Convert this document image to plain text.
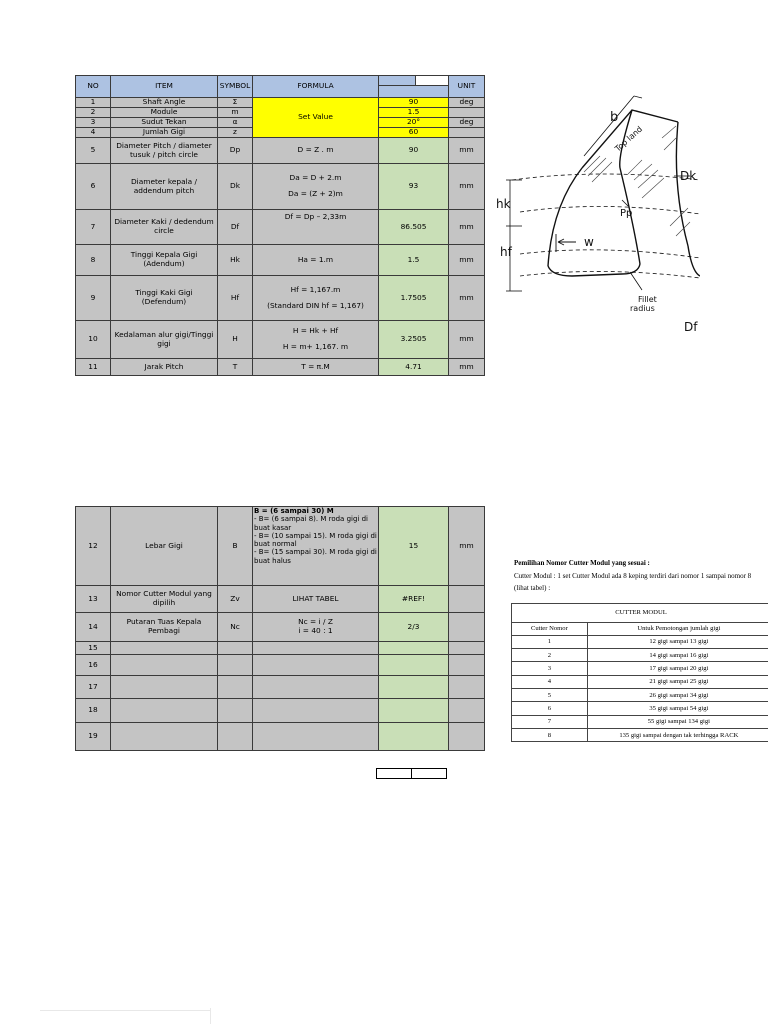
NO	ITEM	SYMBOL	FORMULA		UNIT
1	Shaft Angle	Σ	Set Value	90	deg
2	Module	m		1.5	
3	Sudut Tekan	α		20°	deg
4	Jumlah Gigi	z		60	
5	Diameter Pitch / diameter tusuk / pitch circle	Dp	D = Z . m	90	mm
6	Diameter kepala / addendum pitch	Dk	Da = D + 2.m
Da = (Z + 2)m	93	mm
7	Diameter Kaki / dedendum circle	Df	Df = Dp – 2,33m	86.505	mm
8	Tinggi Kepala Gigi (Adendum)	Hk	Ha = 1.m	1.5	mm
9	Tinggi Kaki Gigi (Defendum)	Hf	Hf = 1,167.m
(Standard DIN hf = 1,167)	1.7505	mm
10	Kedalaman alur gigi/Tinggi gigi	H	H = Hk + Hf
H = m+ 1,167. m	3.2505	mm
11	Jarak Pitch	T	T = π.M	4.71	mm
b
Top land
Dk
hk
Pp
w
hf
Fillet
radius
Df
12	Lebar Gigi	B	B = (6 sampai 30) M
- B= (6 sampai 8). M roda gigi di buat kasar
- B= (10 sampai 15). M roda gigi di buat normal
- B= (15 sampai 30). M roda gigi di buat halus	15	mm
13	Nomor Cutter Modul yang dipilih	Zv	LIHAT TABEL	#REF!	
14	Putaran Tuas Kepala Pembagi	Nc	Nc = i / Z
i = 40 : 1	2/3	
15					
16					
17					
18					
19					

Pemilihan Nomor Cutter Modul yang sesuai :
Cutter Modul : 1 set Cutter Modul ada 8 keping terdiri dari nomor 1 sampai nomor 8
(lihat tabel) :
CUTTER MODUL	
Cutter Nomor	Untuk Pemotongan jumlah gigi
1	12 gigi sampai 13 gigi
2	14 gigi sampai 16 gigi
3	17 gigi sampai 20 gigi
4	21 gigi sampai 25 gigi
5	26 gigi sampai 34 gigi
6	35 gigi sampai 54 gigi
7	55 gigi sampai 134 gigi
8	135 gigi sampai dengan tak terhingga RACK
